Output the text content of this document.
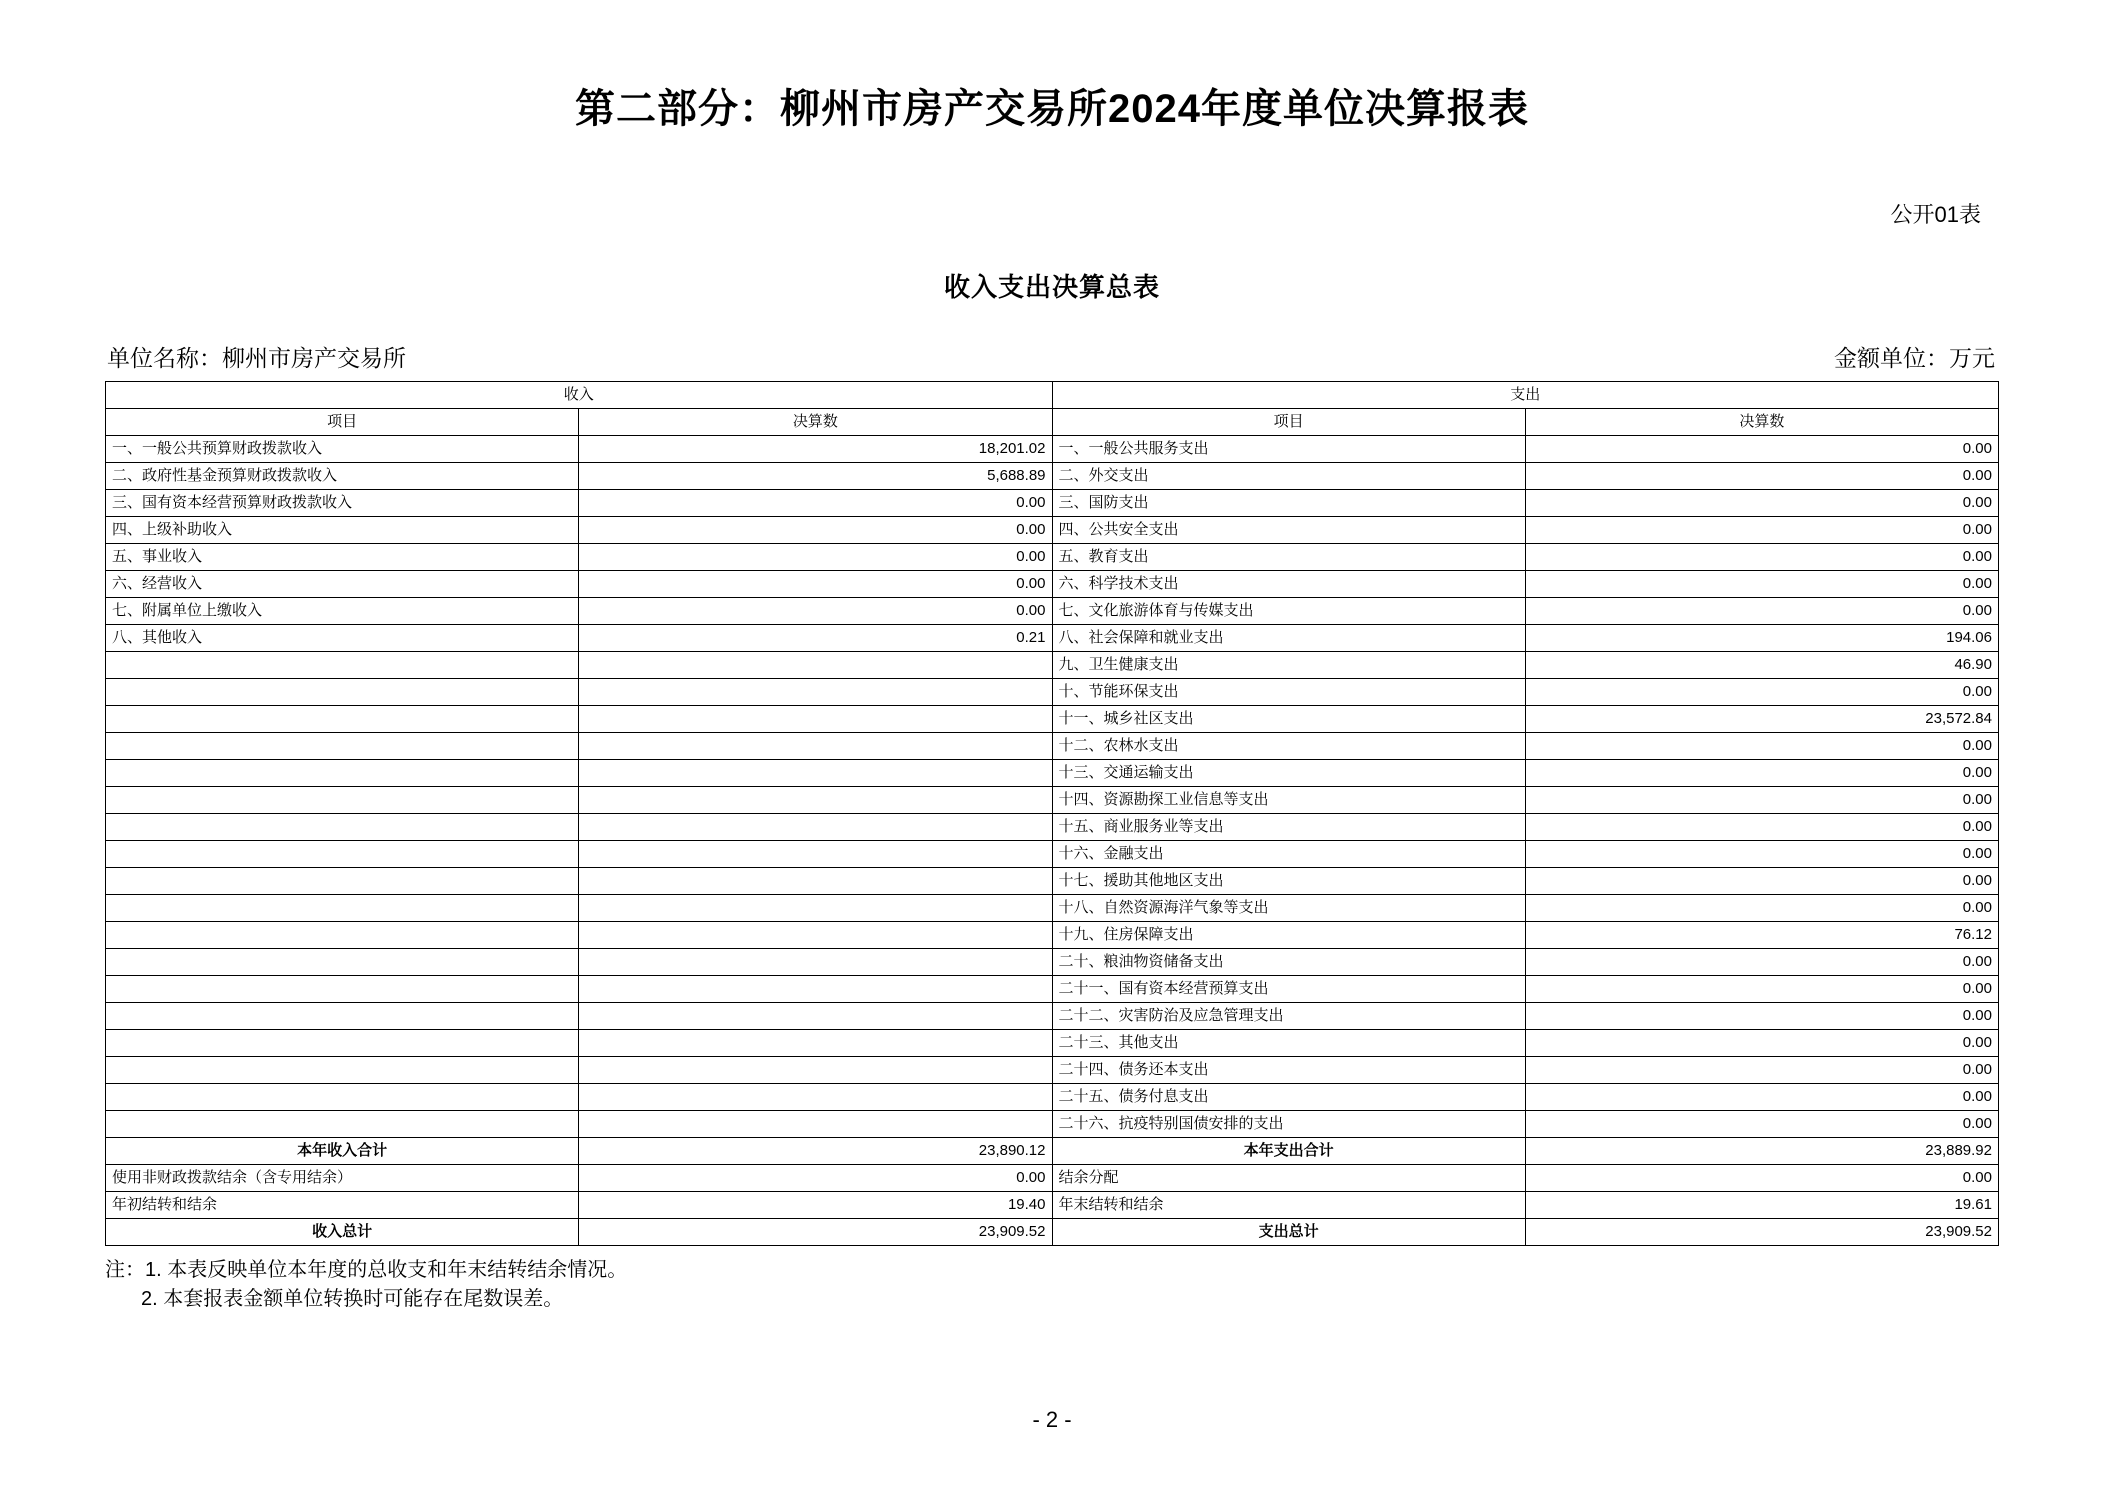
第二部分：柳州市房产交易所2024年度单位决算报表
公开01表
收入支出决算总表
单位名称：柳州市房产交易所	金额单位：万元
收入		支出	
项目	决算数	项目	决算数
一、一般公共预算财政拨款收入	18,201.02	一、一般公共服务支出	0.00
二、政府性基金预算财政拨款收入	5,688.89	二、外交支出	0.00
三、国有资本经营预算财政拨款收入	0.00	三、国防支出	0.00
四、上级补助收入	0.00	四、公共安全支出	0.00
五、事业收入	0.00	五、教育支出	0.00
六、经营收入	0.00	六、科学技术支出	0.00
七、附属单位上缴收入	0.00	七、文化旅游体育与传媒支出	0.00
八、其他收入	0.21	八、社会保障和就业支出	194.06
		九、卫生健康支出	46.90
		十、节能环保支出	0.00
		十一、城乡社区支出	23,572.84
		十二、农林水支出	0.00
		十三、交通运输支出	0.00
		十四、资源勘探工业信息等支出	0.00
		十五、商业服务业等支出	0.00
		十六、金融支出	0.00
		十七、援助其他地区支出	0.00
		十八、自然资源海洋气象等支出	0.00
		十九、住房保障支出	76.12
		二十、粮油物资储备支出	0.00
		二十一、国有资本经营预算支出	0.00
		二十二、灾害防治及应急管理支出	0.00
		二十三、其他支出	0.00
		二十四、债务还本支出	0.00
		二十五、债务付息支出	0.00
		二十六、抗疫特别国债安排的支出	0.00
本年收入合计	23,890.12	本年支出合计	23,889.92
使用非财政拨款结余（含专用结余）	0.00	结余分配	0.00
年初结转和结余	19.40	年末结转和结余	19.61
收入总计	23,909.52	支出总计	23,909.52
注：1. 本表反映单位本年度的总收支和年末结转结余情况。
2. 本套报表金额单位转换时可能存在尾数误差。
- 2 -
